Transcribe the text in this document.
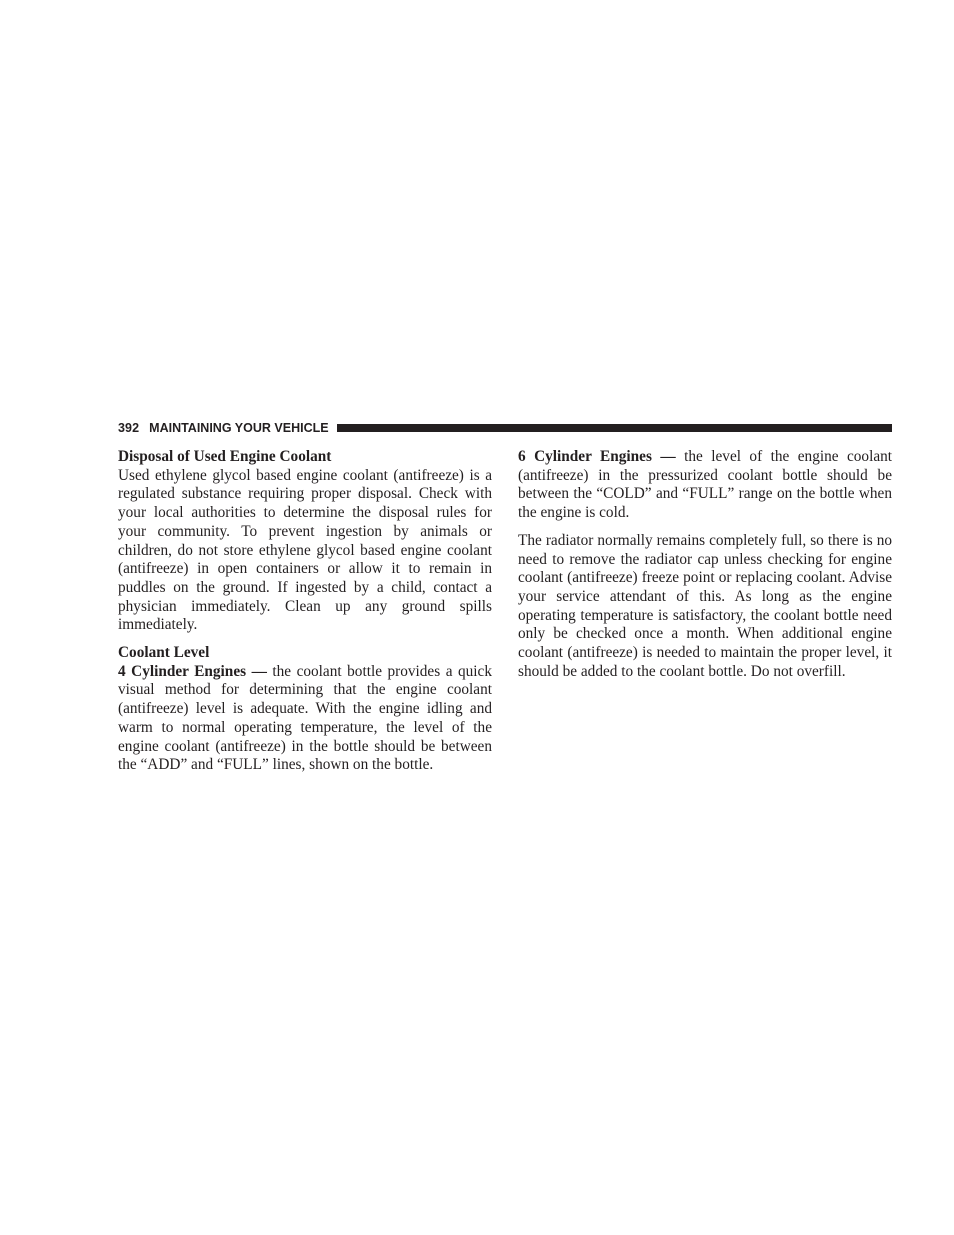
392 MAINTAINING YOUR VEHICLE

Disposal of Used Engine Coolant

Used ethylene glycol based engine coolant (antifreeze) is a regulated substance requiring proper disposal. Check with your local authorities to determine the disposal rules for your community. To prevent ingestion by animals or children, do not store ethylene glycol based engine coolant (antifreeze) in open containers or allow it to remain in puddles on the ground. If ingested by a child, contact a physician immediately. Clean up any ground spills immediately.

Coolant Level

4 Cylinder Engines — the coolant bottle provides a quick visual method for determining that the engine coolant (antifreeze) level is adequate. With the engine idling and warm to normal operating temperature, the level of the engine coolant (antifreeze) in the bottle should be between the “ADD” and “FULL” lines, shown on the bottle.

6 Cylinder Engines — the level of the engine coolant (antifreeze) in the pressurized coolant bottle should be between the “COLD” and “FULL” range on the bottle when the engine is cold.

The radiator normally remains completely full, so there is no need to remove the radiator cap unless checking for engine coolant (antifreeze) freeze point or replacing coolant. Advise your service attendant of this. As long as the engine operating temperature is satisfactory, the coolant bottle need only be checked once a month. When additional engine coolant (antifreeze) is needed to maintain the proper level, it should be added to the coolant bottle. Do not overfill.
